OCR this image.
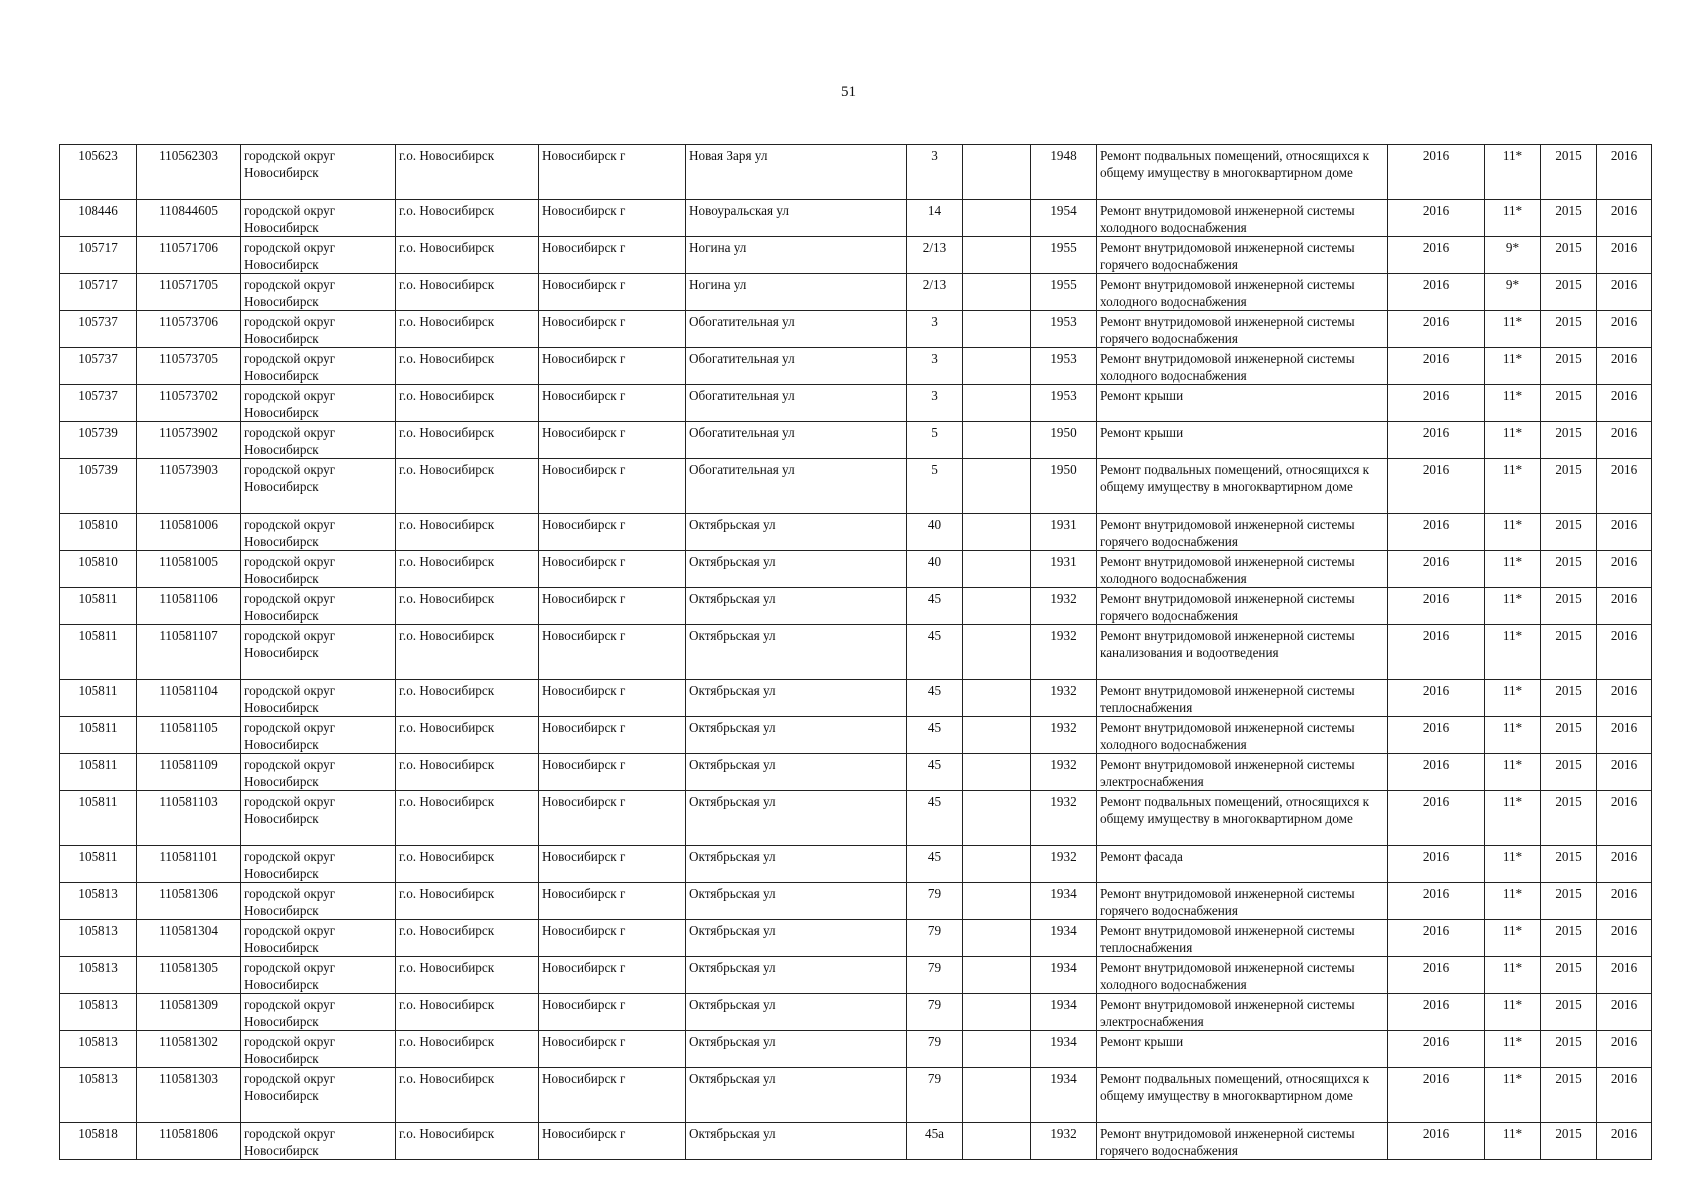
51
105623	110562303	городской округ Новосибирск	г.о. Новосибирск	Новосибирск г	Новая Заря ул	3		1948	Ремонт подвальных помещений, относящихся к общему имуществу в многоквартирном доме	2016	11*	2015	2016
108446	110844605	городской округ Новосибирск	г.о. Новосибирск	Новосибирск г	Новоуральская ул	14		1954	Ремонт внутридомовой инженерной системы холодного водоснабжения	2016	11*	2015	2016
105717	110571706	городской округ Новосибирск	г.о. Новосибирск	Новосибирск г	Ногина ул	2/13		1955	Ремонт внутридомовой инженерной системы горячего водоснабжения	2016	9*	2015	2016
105717	110571705	городской округ Новосибирск	г.о. Новосибирск	Новосибирск г	Ногина ул	2/13		1955	Ремонт внутридомовой инженерной системы холодного водоснабжения	2016	9*	2015	2016
105737	110573706	городской округ Новосибирск	г.о. Новосибирск	Новосибирск г	Обогатительная ул	3		1953	Ремонт внутридомовой инженерной системы горячего водоснабжения	2016	11*	2015	2016
105737	110573705	городской округ Новосибирск	г.о. Новосибирск	Новосибирск г	Обогатительная ул	3		1953	Ремонт внутридомовой инженерной системы холодного водоснабжения	2016	11*	2015	2016
105737	110573702	городской округ Новосибирск	г.о. Новосибирск	Новосибирск г	Обогатительная ул	3		1953	Ремонт крыши	2016	11*	2015	2016
105739	110573902	городской округ Новосибирск	г.о. Новосибирск	Новосибирск г	Обогатительная ул	5		1950	Ремонт крыши	2016	11*	2015	2016
105739	110573903	городской округ Новосибирск	г.о. Новосибирск	Новосибирск г	Обогатительная ул	5		1950	Ремонт подвальных помещений, относящихся к общему имуществу в многоквартирном доме	2016	11*	2015	2016
105810	110581006	городской округ Новосибирск	г.о. Новосибирск	Новосибирск г	Октябрьская ул	40		1931	Ремонт внутридомовой инженерной системы горячего водоснабжения	2016	11*	2015	2016
105810	110581005	городской округ Новосибирск	г.о. Новосибирск	Новосибирск г	Октябрьская ул	40		1931	Ремонт внутридомовой инженерной системы холодного водоснабжения	2016	11*	2015	2016
105811	110581106	городской округ Новосибирск	г.о. Новосибирск	Новосибирск г	Октябрьская ул	45		1932	Ремонт внутридомовой инженерной системы горячего водоснабжения	2016	11*	2015	2016
105811	110581107	городской округ Новосибирск	г.о. Новосибирск	Новосибирск г	Октябрьская ул	45		1932	Ремонт внутридомовой инженерной системы канализования и водоотведения	2016	11*	2015	2016
105811	110581104	городской округ Новосибирск	г.о. Новосибирск	Новосибирск г	Октябрьская ул	45		1932	Ремонт внутридомовой инженерной системы теплоснабжения	2016	11*	2015	2016
105811	110581105	городской округ Новосибирск	г.о. Новосибирск	Новосибирск г	Октябрьская ул	45		1932	Ремонт внутридомовой инженерной системы холодного водоснабжения	2016	11*	2015	2016
105811	110581109	городской округ Новосибирск	г.о. Новосибирск	Новосибирск г	Октябрьская ул	45		1932	Ремонт внутридомовой инженерной системы электроснабжения	2016	11*	2015	2016
105811	110581103	городской округ Новосибирск	г.о. Новосибирск	Новосибирск г	Октябрьская ул	45		1932	Ремонт подвальных помещений, относящихся к общему имуществу в многоквартирном доме	2016	11*	2015	2016
105811	110581101	городской округ Новосибирск	г.о. Новосибирск	Новосибирск г	Октябрьская ул	45		1932	Ремонт фасада	2016	11*	2015	2016
105813	110581306	городской округ Новосибирск	г.о. Новосибирск	Новосибирск г	Октябрьская ул	79		1934	Ремонт внутридомовой инженерной системы горячего водоснабжения	2016	11*	2015	2016
105813	110581304	городской округ Новосибирск	г.о. Новосибирск	Новосибирск г	Октябрьская ул	79		1934	Ремонт внутридомовой инженерной системы теплоснабжения	2016	11*	2015	2016
105813	110581305	городской округ Новосибирск	г.о. Новосибирск	Новосибирск г	Октябрьская ул	79		1934	Ремонт внутридомовой инженерной системы холодного водоснабжения	2016	11*	2015	2016
105813	110581309	городской округ Новосибирск	г.о. Новосибирск	Новосибирск г	Октябрьская ул	79		1934	Ремонт внутридомовой инженерной системы электроснабжения	2016	11*	2015	2016
105813	110581302	городской округ Новосибирск	г.о. Новосибирск	Новосибирск г	Октябрьская ул	79		1934	Ремонт крыши	2016	11*	2015	2016
105813	110581303	городской округ Новосибирск	г.о. Новосибирск	Новосибирск г	Октябрьская ул	79		1934	Ремонт подвальных помещений, относящихся к общему имуществу в многоквартирном доме	2016	11*	2015	2016
105818	110581806	городской округ Новосибирск	г.о. Новосибирск	Новосибирск г	Октябрьская ул	45а		1932	Ремонт внутридомовой инженерной системы горячего водоснабжения	2016	11*	2015	2016
